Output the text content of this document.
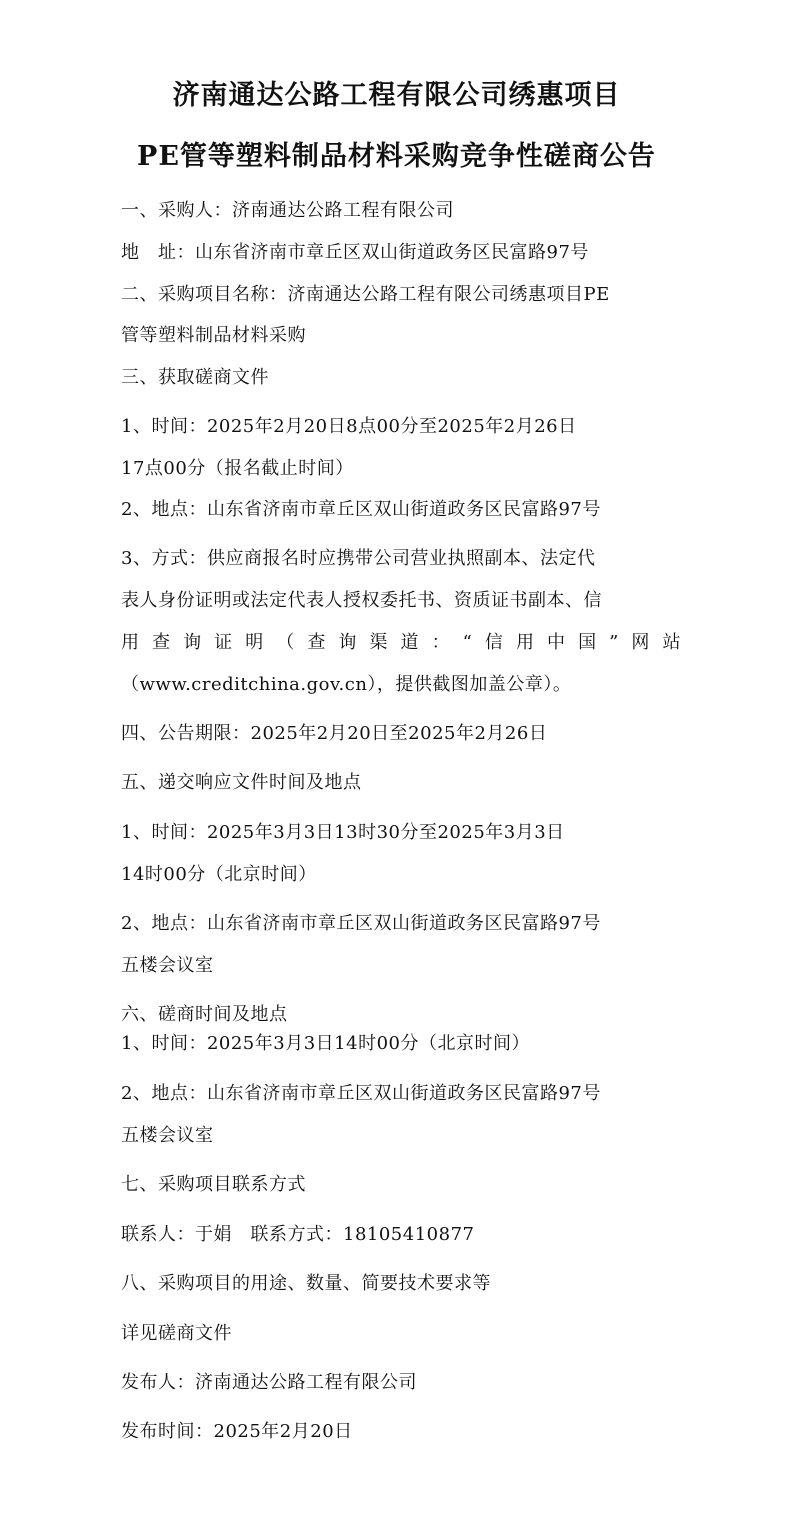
济南通达公路工程有限公司绣惠项目
PE管等塑料制品材料采购竞争性磋商公告
一、采购人：济南通达公路工程有限公司
地　址：山东省济南市章丘区双山街道政务区民富路97号
二、采购项目名称：济南通达公路工程有限公司绣惠项目PE
管等塑料制品材料采购
三、获取磋商文件
1、时间：2025年2月20日8点00分至2025年2月26日
17点00分（报名截止时间）
2、地点：山东省济南市章丘区双山街道政务区民富路97号
3、方式：供应商报名时应携带公司营业执照副本、法定代
表人身份证明或法定代表人授权委托书、资质证书副本、信
用查询证明（查询渠道：“信用中国”网站
（www.creditchina.gov.cn），提供截图加盖公章）。
四、公告期限：2025年2月20日至2025年2月26日
五、递交响应文件时间及地点
1、时间：2025年3月3日13时30分至2025年3月3日
14时00分（北京时间）
2、地点：山东省济南市章丘区双山街道政务区民富路97号
五楼会议室
六、磋商时间及地点
1、时间：2025年3月3日14时00分（北京时间）
2、地点：山东省济南市章丘区双山街道政务区民富路97号
五楼会议室
七、采购项目联系方式
联系人：于娟　联系方式：18105410877
八、采购项目的用途、数量、简要技术要求等
详见磋商文件
发布人：济南通达公路工程有限公司
发布时间：2025年2月20日
